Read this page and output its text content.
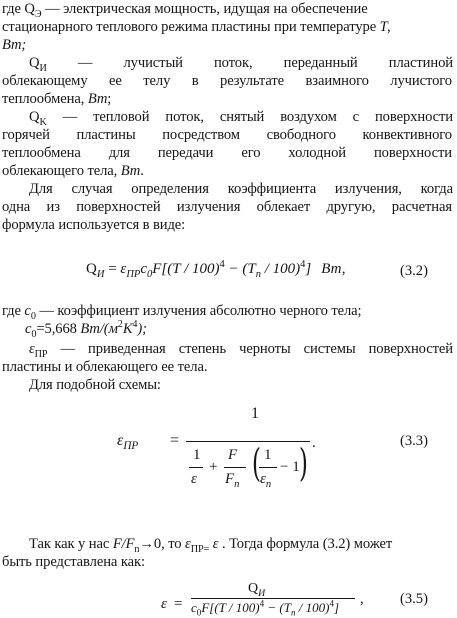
где $Q_Э$ — электрическая мощность, идущая на обеспечение
стационарного теплового режима пластины при температуре Т,
Вт;
$Q_И$ — лучистый поток, переданный пластиной
облекающему ее телу в результате взаимного лучистого
теплообмена, Вт;
$Q_K$ — тепловой поток, снятый воздухом с поверхности
горячей пластины посредством свободного конвективного
теплообмена для передачи его холодной поверхности
облекающего тела, Вт.
Для случая определения коэффициента излучения, когда
одна из поверхностей излучения облекает другую, расчетная
формула используется в виде:
$Q_И = \varepsilon_{ПР}c_0F[(T / 100)^4 - (T_n / 100)^4]$ Вт,	(3.2)
где $c_0$ — коэффициент излучения абсолютно черного тела;
$c_0=5,668$ $Вт/(м^2К^4)$;
$\varepsilon_{ПР}$ — приведенная степень черноты системы поверхностей
пластины и облекающего ее тела.
Для подобной схемы:
$\varepsilon_{ПР}$ =
1
1
ε
+
F
$F_n$ ( )
1
$\varepsilon_n$
− 1
.	(3.3)
Так как у нас $F/F_n\to 0$, то $\varepsilon_{ПР=}$ ε . Тогда формула (3.2) может
быть представлена как:
ε =
$Q_И$
$c_0F[(T / 100)^4 - (T_n / 100)^4]$
, (3.5)
